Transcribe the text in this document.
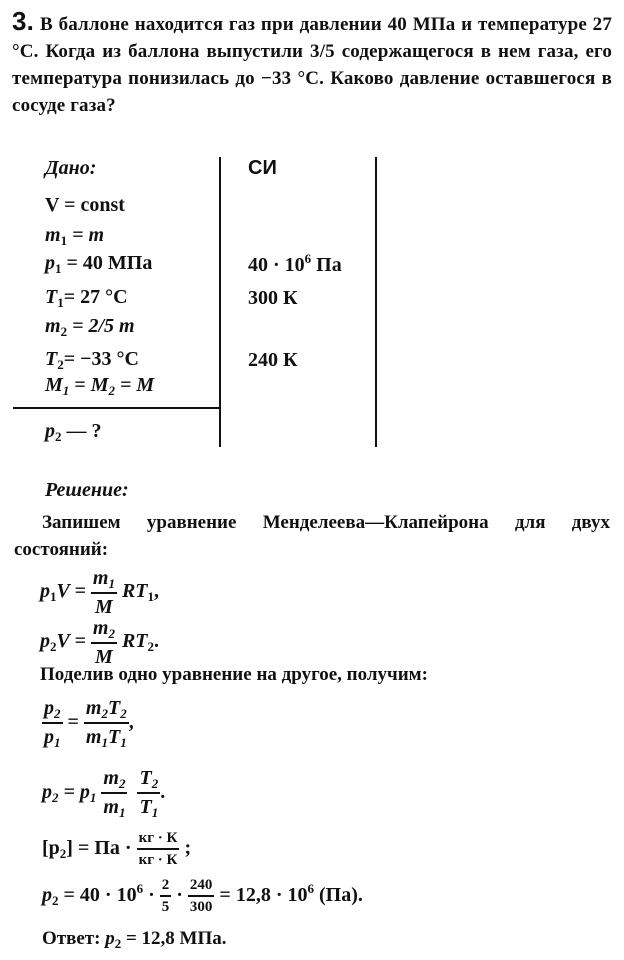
3. В баллоне находится газ при давлении 40 МПа и температуре 27 °С. Когда из баллона выпустили 3/5 содержащегося в нем газа, его температура понизилась до −33 °С. Каково давление оставшегося в сосуде газа?
Дано:	СИ
V = const
$m_1 = m$
$p_1 = 40$ МПа
$T_1= 27$ °С
$m_2 = 2/5$ m
$T_2= -33$ °С
$M_1 = M_2 = M$
$p_2$ — ?
$40 \cdot 10^6$ Па
300 К
240 К
Решение:
Запишем уравнение Менделеева—Клапейрона для двух состояний:
$p_1V = \frac{m_1}{M} RT_1$,
$p_2V = \frac{m_2}{M} RT_2$.
Поделив одно уравнение на другое, получим:
$\frac{p_2}{p_1} = \frac{m_2T_2}{m_1T_1}$ ,
$p_2 = p_1 \frac{m_2}{m_1}$
$\frac{T_2}{T_1}$ .
$[p_2]$ = Па · $\frac{кг \cdot К}{кг \cdot К}$ ;
$p_2 = 40 \cdot 10^6 \cdot \frac{2}{5} \cdot \frac{240}{300} = 12,8 \cdot 10^6$ (Па).
Ответ: $p_2 = 12,8$ МПа.
